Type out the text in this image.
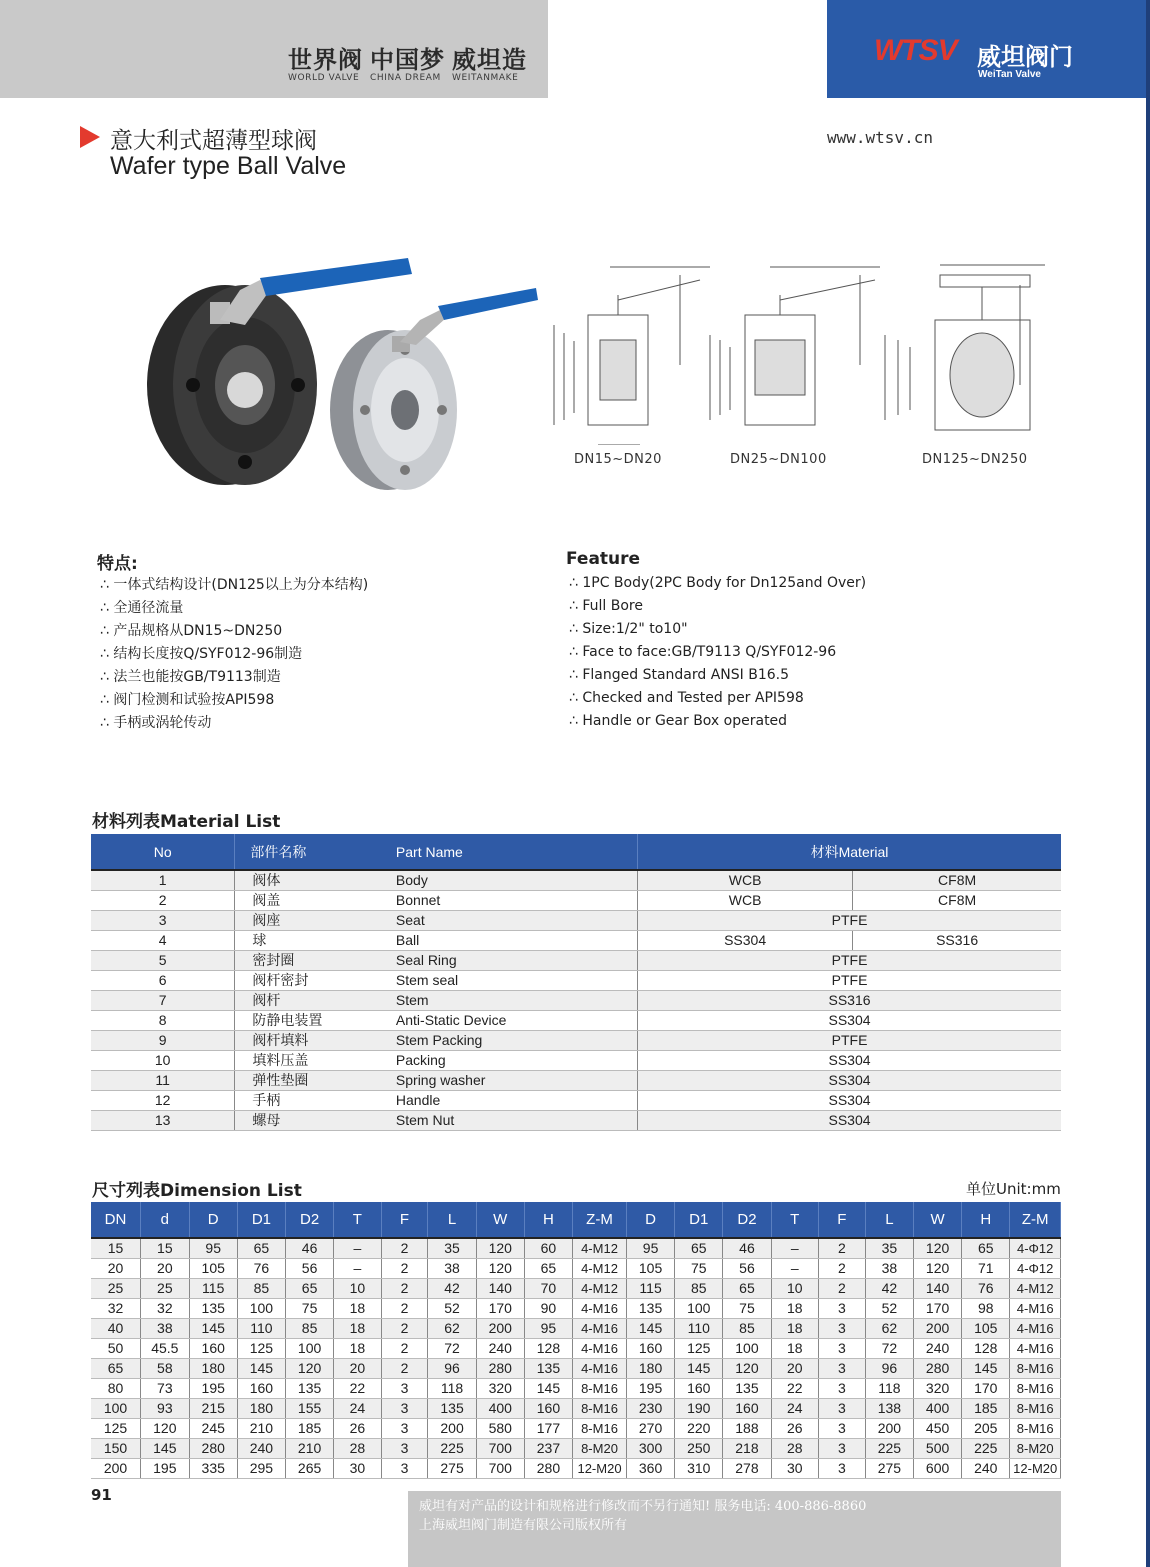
世界阀
WORLD VALVE
中国梦
CHINA DREAM
威坦造
WEITANMAKE
WTSV 威坦阀门
WeiTan Valve
意大利式超薄型球阀
Wafer type Ball Valve
www.wtsv.cn
DN15~DN20	DN25~DN100	DN125~DN250
特点:
∴ 一体式结构设计(DN125以上为分本结构)
∴ 全通径流量
∴ 产品规格从DN15~DN250
∴ 结构长度按Q/SYF012-96制造
∴ 法兰也能按GB/T9113制造
∴ 阀门检测和试验按API598
∴ 手柄或涡轮传动
Feature
∴ 1PC Body(2PC Body for Dn125and Over)
∴ Full Bore
∴ Size:1/2" to10"
∴ Face to face:GB/T9113 Q/SYF012-96
∴ Flanged Standard ANSI B16.5
∴ Checked and Tested per API598
∴ Handle or Gear Box operated
材料列表Material List
No	部件名称	Part Name	材料Material	
1	阀体	Body	WCB	CF8M
2	阀盖	Bonnet	WCB	CF8M
3	阀座	Seat	PTFE	
4	球	Ball	SS304	SS316
5	密封圈	Seal Ring	PTFE	
6	阀杆密封	Stem seal	PTFE	
7	阀杆	Stem	SS316	
8	防静电装置	Anti-Static Device	SS304	
9	阀杆填料	Stem Packing	PTFE	
10	填料压盖	Packing	SS304	
11	弹性垫圈	Spring washer	SS304	
12	手柄	Handle	SS304	
13	螺母	Stem Nut	SS304	
尺寸列表Dimension List	单位Unit:mm
DN	d	D	D1	D2	T	F	L	W	H	Z-M	D	D1	D2	T	F	L	W	H	Z-M
15	15	95	65	46	–	2	35	120	60	4-M12	95	65	46	–	2	35	120	65	4-Φ12
20	20	105	76	56	–	2	38	120	65	4-M12	105	75	56	–	2	38	120	71	4-Φ12
25	25	115	85	65	10	2	42	140	70	4-M12	115	85	65	10	2	42	140	76	4-M12
32	32	135	100	75	18	2	52	170	90	4-M16	135	100	75	18	3	52	170	98	4-M16
40	38	145	110	85	18	2	62	200	95	4-M16	145	110	85	18	3	62	200	105	4-M16
50	45.5	160	125	100	18	2	72	240	128	4-M16	160	125	100	18	3	72	240	128	4-M16
65	58	180	145	120	20	2	96	280	135	4-M16	180	145	120	20	3	96	280	145	8-M16
80	73	195	160	135	22	3	118	320	145	8-M16	195	160	135	22	3	118	320	170	8-M16
100	93	215	180	155	24	3	135	400	160	8-M16	230	190	160	24	3	138	400	185	8-M16
125	120	245	210	185	26	3	200	580	177	8-M16	270	220	188	26	3	200	450	205	8-M16
150	145	280	240	210	28	3	225	700	237	8-M20	300	250	218	28	3	225	500	225	8-M20
200	195	335	295	265	30	3	275	700	280	12-M20	360	310	278	30	3	275	600	240	12-M20
91
威坦有对产品的设计和规格进行修改而不另行通知! 服务电话: 400-886-8860
上海威坦阀门制造有限公司版权所有
